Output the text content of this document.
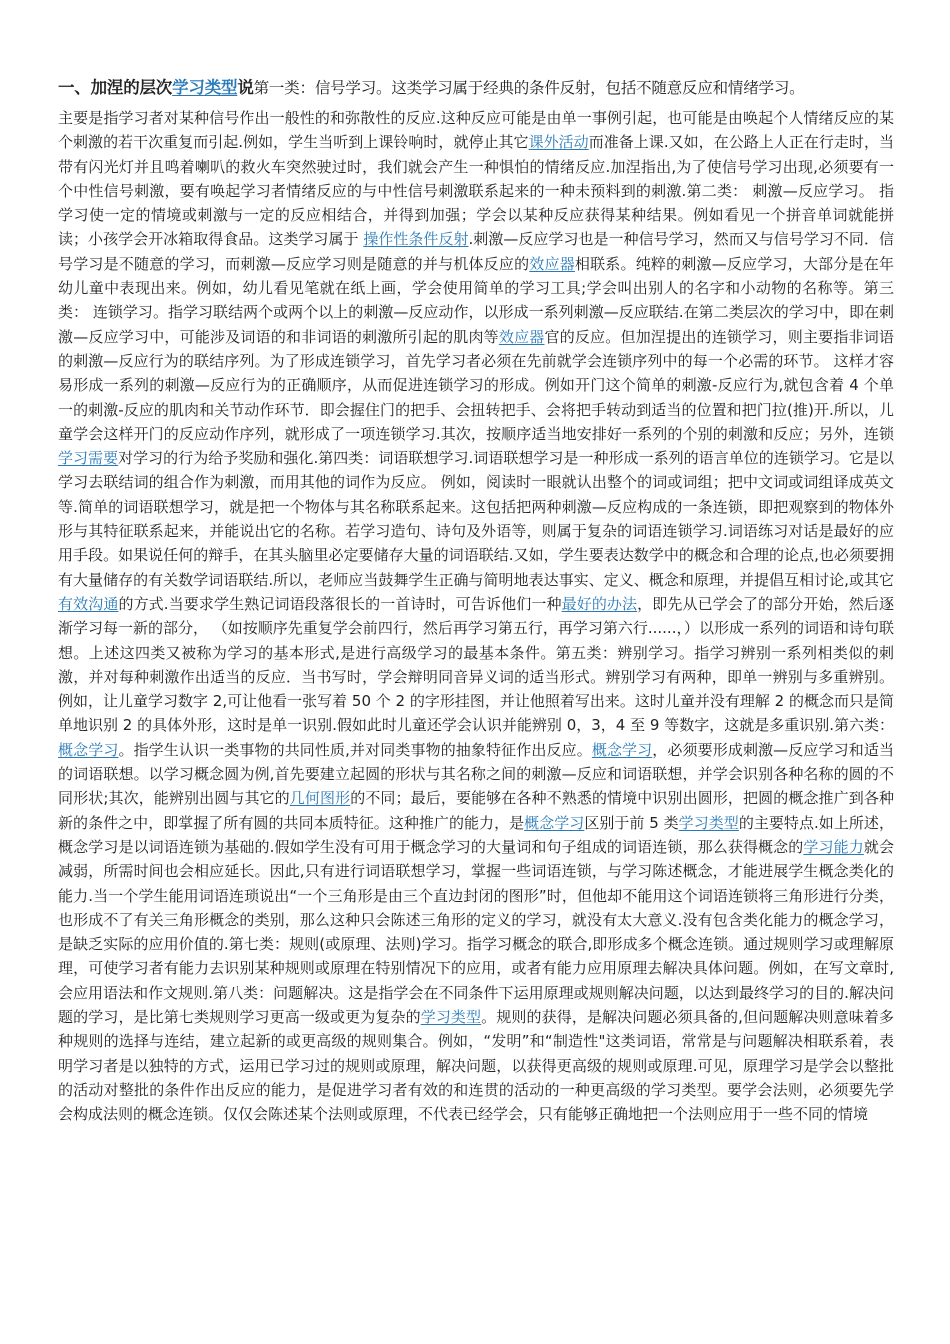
一、加涅的层次学习类型说第一类：信号学习。这类学习属于经典的条件反射，包括不随意反应和情绪学习。

主要是指学习者对某种信号作出一般性的和弥散性的反应.这种反应可能是由单一事例引起，也可能是由唤起个人情绪反应的某个刺激的若干次重复而引起.例如，学生当听到上课铃响时，就停止其它课外活动而准备上课.又如，在公路上人正在行走时，当带有闪光灯并且鸣着喇叭的救火车突然驶过时，我们就会产生一种惧怕的情绪反应.加涅指出,为了使信号学习出现,必须要有一个中性信号刺激，要有唤起学习者情绪反应的与中性信号刺激联系起来的一种未预料到的刺激.第二类： 刺激—反应学习。 指学习使一定的情境或刺激与一定的反应相结合，并得到加强；学会以某种反应获得某种结果。例如看见一个拼音单词就能拼读；小孩学会开冰箱取得食品。这类学习属于 操作性条件反射.刺激—反应学习也是一种信号学习，然而又与信号学习不同．信号学习是不随意的学习，而刺激—反应学习则是随意的并与机体反应的效应器相联系。纯粹的刺激—反应学习，大部分是在年幼儿童中表现出来。例如，幼儿看见笔就在纸上画，学会使用简单的学习工具;学会叫出别人的名字和小动物的名称等。第三类： 连锁学习。指学习联结两个或两个以上的刺激—反应动作，以形成一系列刺激—反应联结.在第二类层次的学习中，即在刺激—反应学习中，可能涉及词语的和非词语的刺激所引起的肌肉等效应器官的反应。但加涅提出的连锁学习，则主要指非词语的刺激—反应行为的联结序列。为了形成连锁学习，首先学习者必须在先前就学会连锁序列中的每一个必需的环节。 这样才容易形成一系列的刺激—反应行为的正确顺序，从而促进连锁学习的形成。例如开门这个简单的刺激-反应行为,就包含着 4 个单一的刺激-反应的肌肉和关节动作环节．即会握住门的把手、会扭转把手、会将把手转动到适当的位置和把门拉(推)开.所以，儿童学会这样开门的反应动作序列，就形成了一项连锁学习.其次，按顺序适当地安排好一系列的个别的刺激和反应；另外，连锁学习需要对学习的行为给予奖励和强化.第四类：词语联想学习.词语联想学习是一种形成一系列的语言单位的连锁学习。它是以学习去联结词的组合作为刺激，而用其他的词作为反应。 例如，阅读时一眼就认出整个的词或词组；把中文词或词组译成英文等.简单的词语联想学习，就是把一个物体与其名称联系起来。这包括把两种刺激—反应构成的一条连锁，即把观察到的物体外形与其特征联系起来，并能说出它的名称。若学习造句、诗句及外语等，则属于复杂的词语连锁学习.词语练习对话是最好的应用手段。如果说任何的辩手，在其头脑里必定要储存大量的词语联结.又如，学生要表达数学中的概念和合理的论点,也必须要拥有大量储存的有关数学词语联结.所以，老师应当鼓舞学生正确与简明地表达事实、定义、概念和原理，并提倡互相讨论,或其它有效沟通的方式.当要求学生熟记词语段落很长的一首诗时，可告诉他们一种最好的办法，即先从已学会了的部分开始，然后逐渐学习每一新的部分， （如按顺序先重复学会前四行，然后再学习第五行，再学习第六行......，）以形成一系列的词语和诗句联想。上述这四类又被称为学习的基本形式,是进行高级学习的最基本条件。第五类：辨别学习。指学习辨别一系列相类似的刺激，并对每种刺激作出适当的反应．当书写时，学会辩明同音异义词的适当形式。辨别学习有两种，即单一辨别与多重辨别。例如，让儿童学习数字 2,可让他看一张写着 50 个 2 的字形挂图，并让他照着写出来。这时儿童并没有理解 2 的概念而只是简单地识别 2 的具体外形，这时是单一识别.假如此时儿童还学会认识并能辨别 0，3，4 至 9 等数字，这就是多重识别.第六类：概念学习。指学生认识一类事物的共同性质,并对同类事物的抽象特征作出反应。概念学习，必须要形成刺激—反应学习和适当的词语联想。以学习概念圆为例,首先要建立起圆的形状与其名称之间的刺激—反应和词语联想，并学会识别各种名称的圆的不同形状;其次，能辨别出圆与其它的几何图形的不同；最后，要能够在各种不熟悉的情境中识别出圆形，把圆的概念推广到各种新的条件之中，即掌握了所有圆的共同本质特征。这种推广的能力，是概念学习区别于前 5 类学习类型的主要特点.如上所述，概念学习是以词语连锁为基础的.假如学生没有可用于概念学习的大量词和句子组成的词语连锁，那么获得概念的学习能力就会减弱，所需时间也会相应延长。因此,只有进行词语联想学习，掌握一些词语连锁，与学习陈述概念，才能进展学生概念类化的能力.当一个学生能用词语连琐说出“一个三角形是由三个直边封闭的图形”时，但他却不能用这个词语连锁将三角形进行分类，也形成不了有关三角形概念的类别，那么这种只会陈述三角形的定义的学习，就没有太大意义.没有包含类化能力的概念学习，是缺乏实际的应用价值的.第七类：规则(或原理、法则)学习。指学习概念的联合,即形成多个概念连锁。通过规则学习或理解原理，可使学习者有能力去识别某种规则或原理在特别情况下的应用，或者有能力应用原理去解决具体问题。例如，在写文章时,会应用语法和作文规则.第八类：问题解决。这是指学会在不同条件下运用原理或规则解决问题，以达到最终学习的目的.解决问题的学习，是比第七类规则学习更高一级或更为复杂的学习类型。规则的获得，是解决问题必须具备的,但问题解决则意味着多种规则的选择与连结，建立起新的或更高级的规则集合。例如，“发明”和“制造性"这类词语，常常是与问题解决相联系着，表明学习者是以独特的方式，运用已学习过的规则或原理，解决问题，以获得更高级的规则或原理.可见，原理学习是学会以整批的活动对整批的条件作出反应的能力，是促进学习者有效的和连贯的活动的一种更高级的学习类型。要学会法则，必须要先学会构成法则的概念连锁。仅仅会陈述某个法则或原理，不代表已经学会，只有能够正确地把一个法则应用于一些不同的情境
